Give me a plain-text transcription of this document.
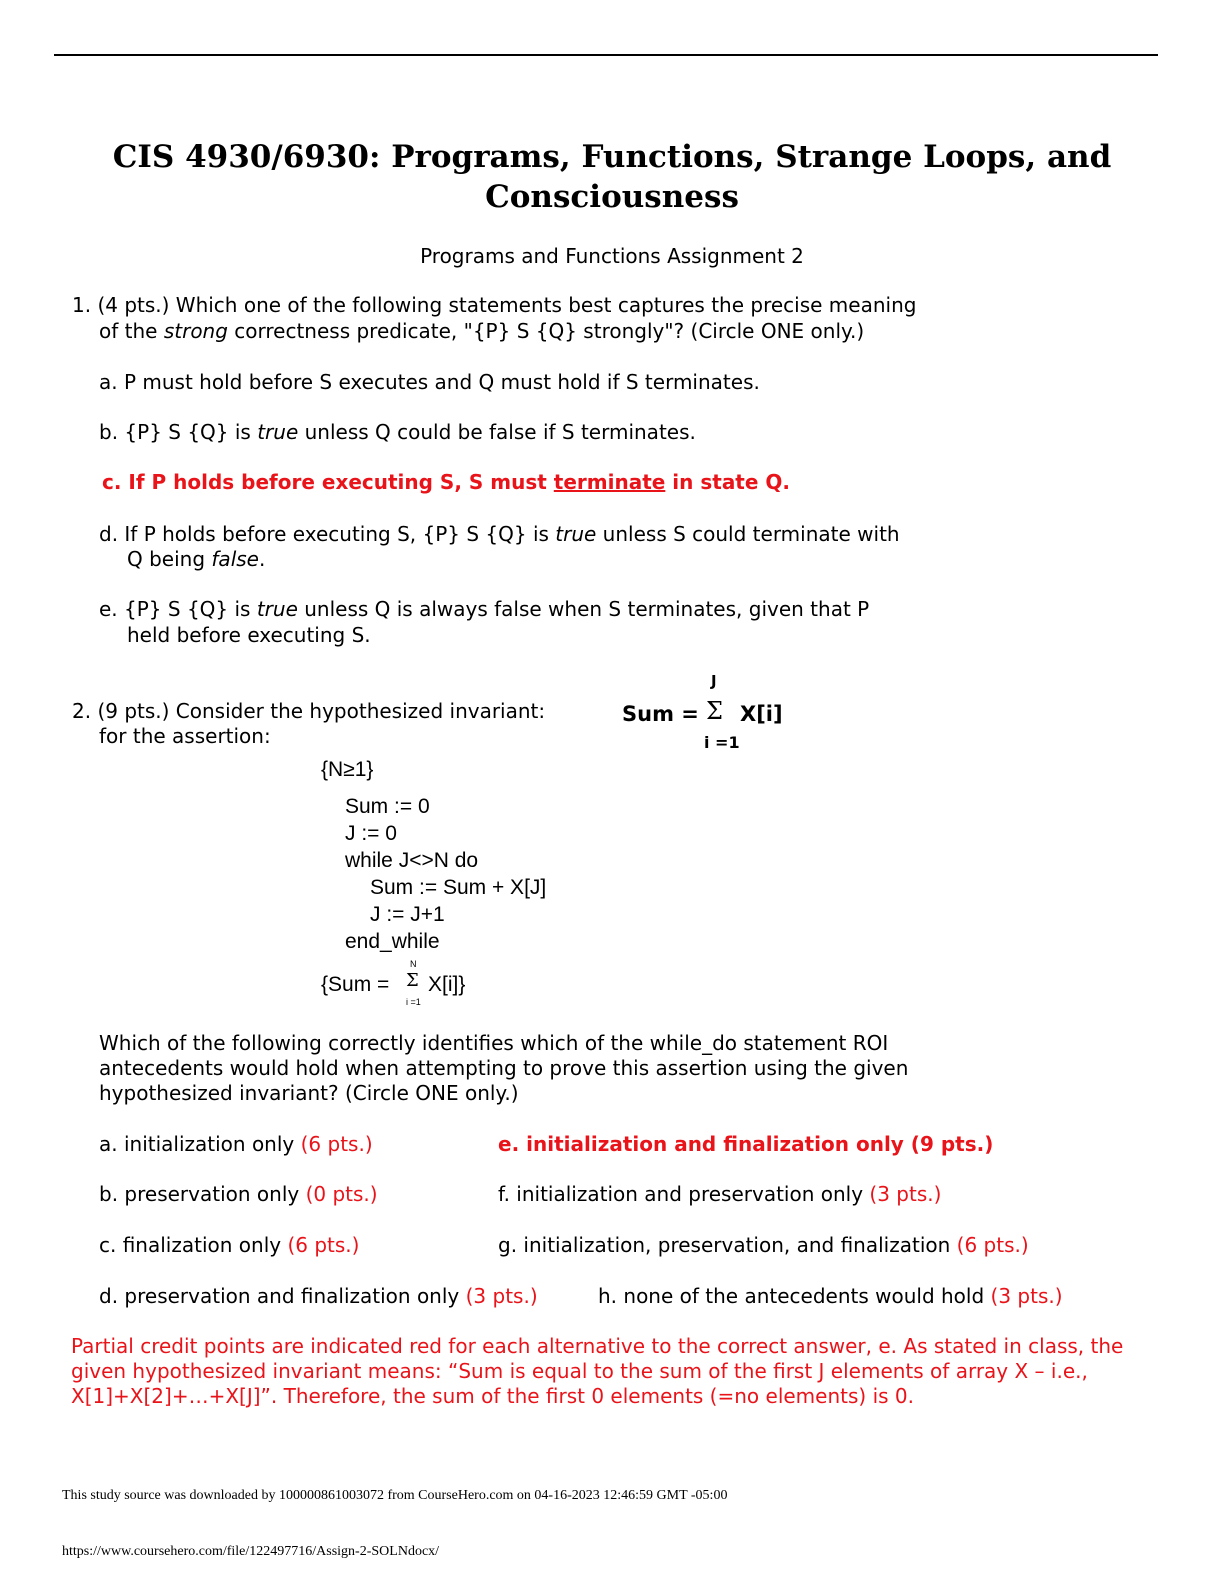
CIS 4930/6930: Programs, Functions, Strange Loops, and
Consciousness
Programs and Functions Assignment 2
1. (4 pts.) Which one of the following statements best captures the precise meaning
of the strong correctness predicate, "{P} S {Q} strongly"? (Circle ONE only.)
a. P must hold before S executes and Q must hold if S terminates.
b. {P} S {Q} is true unless Q could be false if S terminates.
c. If P holds before executing S, S must terminate in state Q.
d. If P holds before executing S, {P} S {Q} is true unless S could terminate with
Q being false.
e. {P} S {Q} is true unless Q is always false when S terminates, given that P
held before executing S.
2. (9 pts.) Consider the hypothesized invariant:
for the assertion:
J
Sum = Σ X[i]
i =1
{N≥1}
Sum := 0
J := 0
while J<>N do
Sum := Sum + X[J]
J := J+1
end_while
N
{Sum = Σ X[i]}
i =1
Which of the following correctly identifies which of the while_do statement ROI
antecedents would hold when attempting to prove this assertion using the given
hypothesized invariant? (Circle ONE only.)
a. initialization only (6 pts.)	e. initialization and finalization only (9 pts.)
b. preservation only (0 pts.)	f. initialization and preservation only (3 pts.)
c. finalization only (6 pts.)	g. initialization, preservation, and finalization (6 pts.)
d. preservation and finalization only (3 pts.)	h. none of the antecedents would hold (3 pts.)
Partial credit points are indicated red for each alternative to the correct answer, e. As stated in class, the given hypothesized invariant means: “Sum is equal to the sum of the first J elements of array X – i.e., X[1]+X[2]+…+X[J]”. Therefore, the sum of the first 0 elements (=no elements) is 0.
This study source was downloaded by 100000861003072 from CourseHero.com on 04-16-2023 12:46:59 GMT -05:00
https://www.coursehero.com/file/122497716/Assign-2-SOLNdocx/
